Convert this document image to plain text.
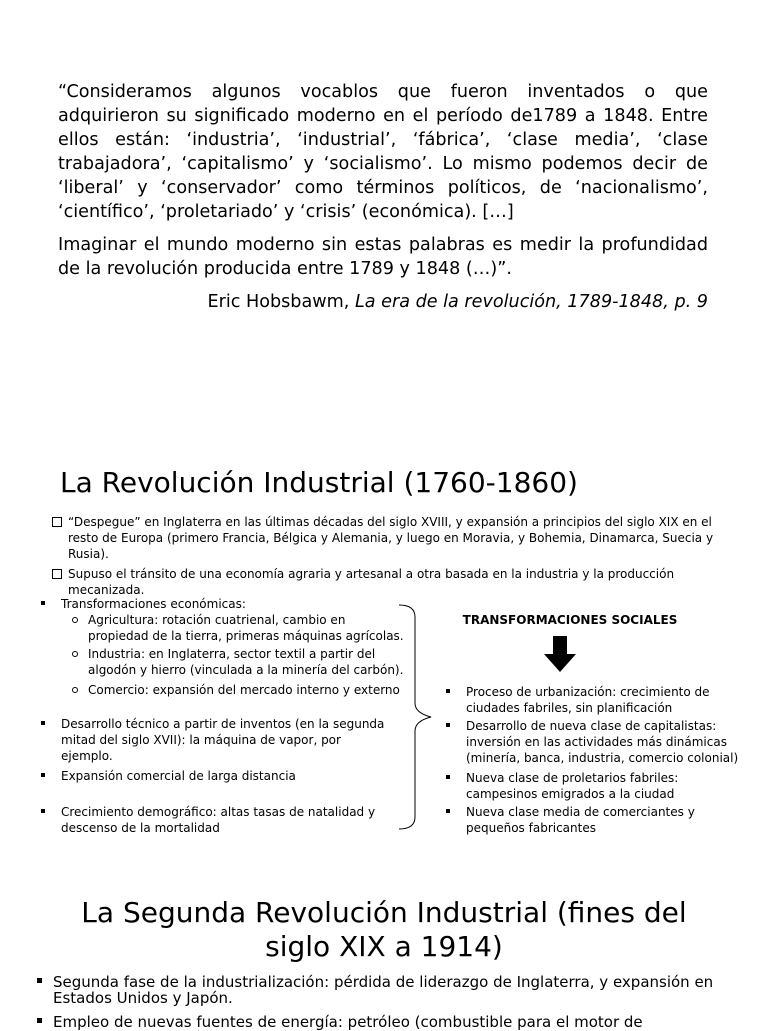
“Consideramos algunos vocablos que fueron inventados o que adquirieron su significado moderno en el período de1789 a 1848. Entre ellos están: ‘industria’, ‘industrial’, ‘fábrica’, ‘clase media’, ‘clase trabajadora’, ‘capitalismo’ y ‘socialismo’. Lo mismo podemos decir de ‘liberal’ y ‘conservador’ como términos políticos, de ‘nacionalismo’, ‘científico’, ‘proletariado’ y ‘crisis’ (económica). […]

Imaginar el mundo moderno sin estas palabras es medir la profundidad de la revolución producida entre 1789 y 1848 (…)”.

Eric Hobsbawm, La era de la revolución, 1789-1848, p. 9

La Revolución Industrial (1760-1860)

“Despegue” en Inglaterra en las últimas décadas del siglo XVIII, y expansión a principios del siglo XIX en el resto de Europa (primero Francia, Bélgica y Alemania, y luego en Moravia, y Bohemia, Dinamarca, Suecia y Rusia).

Supuso el tránsito de una economía agraria y artesanal a otra basada en la industria y la producción mecanizada.

Transformaciones económicas:

Agricultura: rotación cuatrienal, cambio en propiedad de la tierra, primeras máquinas agrícolas.

Industria: en Inglaterra, sector textil a partir del algodón y hierro (vinculada a la minería del carbón).

Comercio: expansión del mercado interno y externo

Desarrollo técnico a partir de inventos (en la segunda mitad del siglo XVII): la máquina de vapor, por ejemplo.

Expansión comercial de larga distancia

Crecimiento demográfico: altas tasas de natalidad y descenso de la mortalidad

TRANSFORMACIONES SOCIALES

Proceso de urbanización: crecimiento de ciudades fabriles, sin planificación

Desarrollo de nueva clase de capitalistas: inversión en las actividades más dinámicas (minería, banca, industria, comercio colonial)

Nueva clase de proletarios fabriles: campesinos emigrados a la ciudad

Nueva clase media de comerciantes y pequeños fabricantes

La Segunda Revolución Industrial (fines del siglo XIX a 1914)

Segunda fase de la industrialización: pérdida de liderazgo de Inglaterra, y expansión en Estados Unidos y Japón.

Empleo de nuevas fuentes de energía: petróleo (combustible para el motor de
